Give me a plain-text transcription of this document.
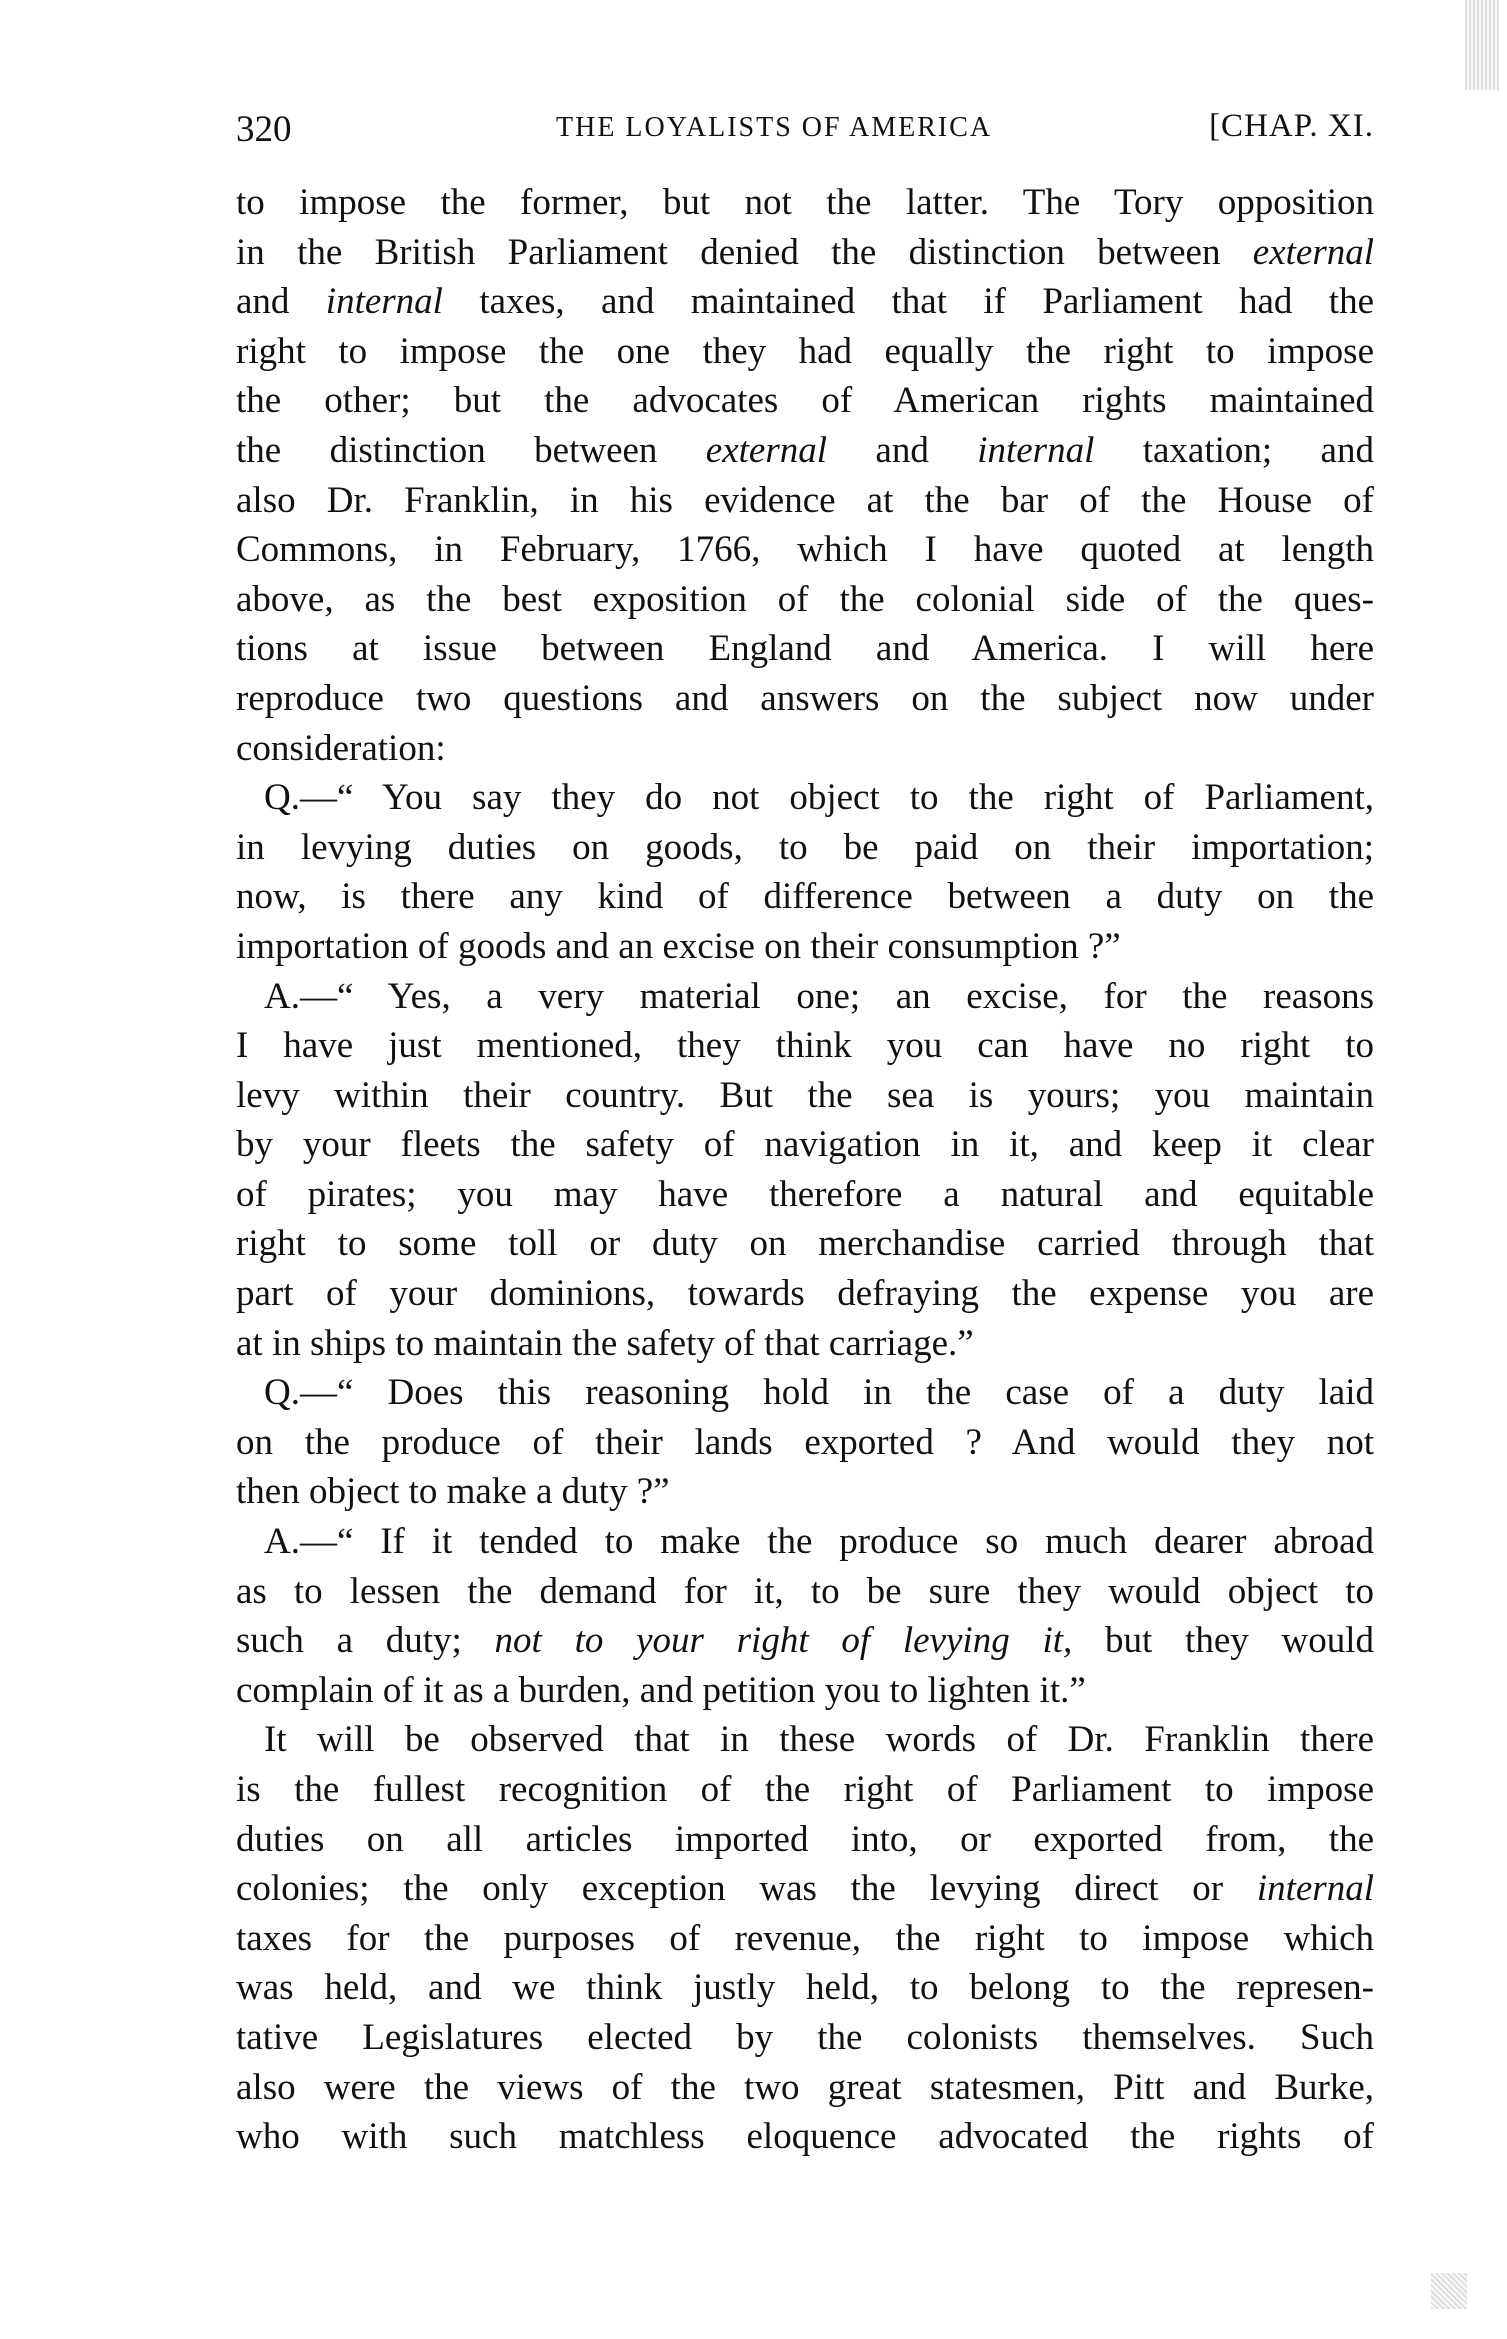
320	THE LOYALISTS OF AMERICA	[CHAP. XI.
to impose the former, but not the latter. The Tory opposition
in the British Parliament denied the distinction between external
and internal taxes, and maintained that if Parliament had the
right to impose the one they had equally the right to impose
the other; but the advocates of American rights maintained
the distinction between external and internal taxation; and
also Dr. Franklin, in his evidence at the bar of the House of
Commons, in February, 1766, which I have quoted at length
above, as the best exposition of the colonial side of the ques-
tions at issue between England and America. I will here
reproduce two questions and answers on the subject now under
consideration:
Q.—“ You say they do not object to the right of Parliament,
in levying duties on goods, to be paid on their importation;
now, is there any kind of difference between a duty on the
importation of goods and an excise on their consumption ?”
A.—“ Yes, a very material one; an excise, for the reasons
I have just mentioned, they think you can have no right to
levy within their country. But the sea is yours; you maintain
by your fleets the safety of navigation in it, and keep it clear
of pirates; you may have therefore a natural and equitable
right to some toll or duty on merchandise carried through that
part of your dominions, towards defraying the expense you are
at in ships to maintain the safety of that carriage.”
Q.—“ Does this reasoning hold in the case of a duty laid
on the produce of their lands exported ? And would they not
then object to make a duty ?”
A.—“ If it tended to make the produce so much dearer abroad
as to lessen the demand for it, to be sure they would object to
such a duty; not to your right of levying it, but they would
complain of it as a burden, and petition you to lighten it.”
It will be observed that in these words of Dr. Franklin there
is the fullest recognition of the right of Parliament to impose
duties on all articles imported into, or exported from, the
colonies; the only exception was the levying direct or internal
taxes for the purposes of revenue, the right to impose which
was held, and we think justly held, to belong to the represen-
tative Legislatures elected by the colonists themselves. Such
also were the views of the two great statesmen, Pitt and Burke,
who with such matchless eloquence advocated the rights of
